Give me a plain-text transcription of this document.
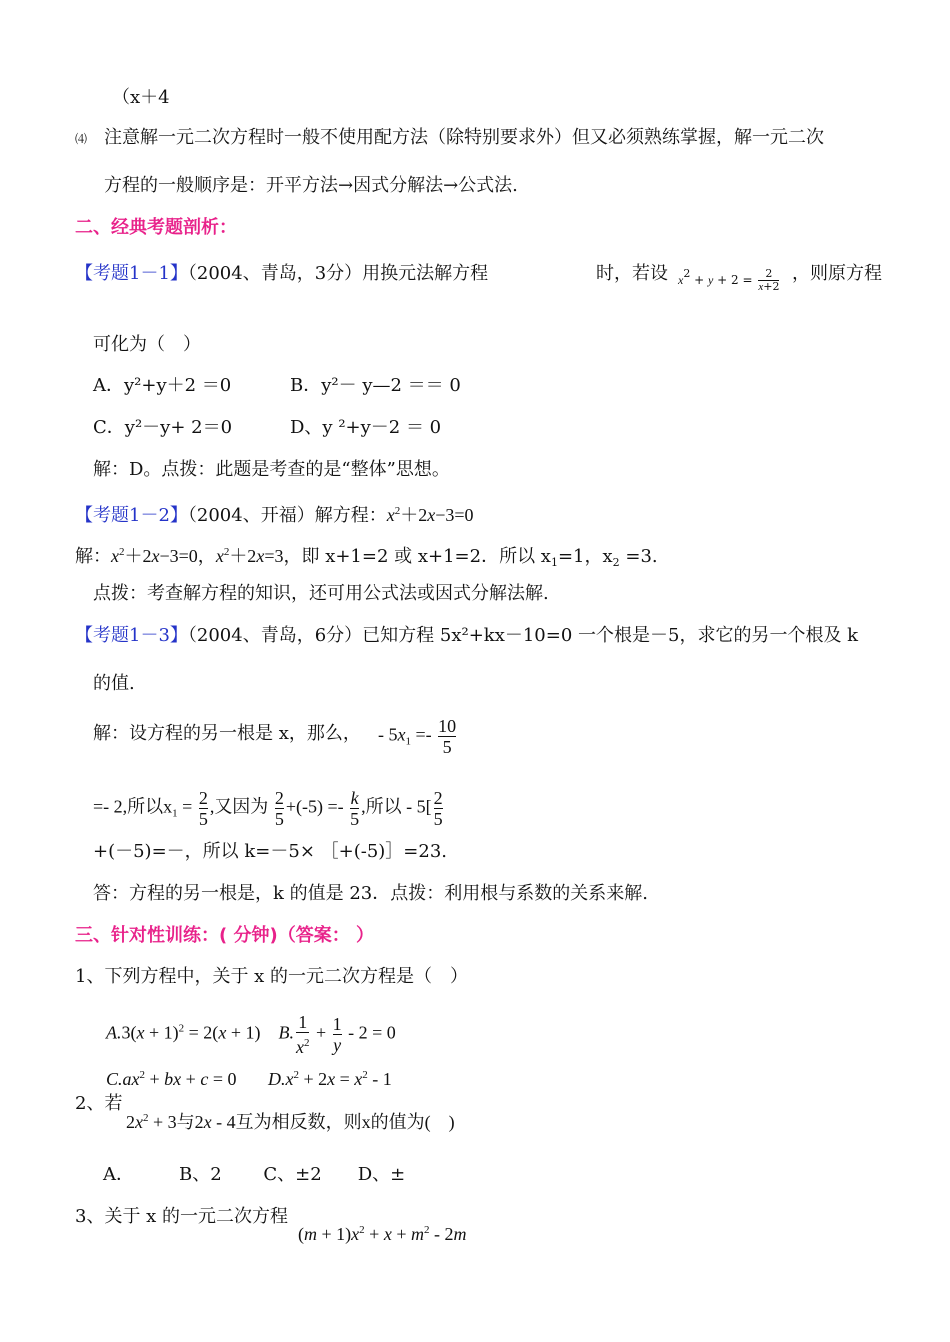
（x＋4
⑷ 注意解一元二次方程时一般不使用配方法（除特别要求外）但又必须熟练掌握，解一元二次
方程的一般顺序是：开平方法→因式分解法→公式法.
二、经典考题剖析：
【考题1－1】（2004、青岛，3分）用换元法解方程	时，若设 $x^2 + y + 2 = \frac{2}{x+2}$ ，则原方程
可化为（　）
A．y²+y＋2 ＝0	B．y²－ y—2 ＝＝ 0
C．y²－y+ 2＝0	D、y ²+y－2 ＝ 0
解：D。点拨：此题是考查的是“整体”思想。
【考题1－2】（2004、开福）解方程：$x^2+2x-3=0$
解：$x^2+2x-3=0$，$x^2+2x=3$，即 x+1=2 或 x+1=2．所以 $x_1=1$，$x_2 =3$.
点拨：考查解方程的知识，还可用公式法或因式分解法解.
【考题1－3】（2004、青岛，6分）已知方程 5x²+kx－10=0 一个根是－5，求它的另一个根及 k
的值.
解：设方程的另一根是 x，那么， - $5x_1 =- \frac{10}{5}$
=- 2,所以$x_1 = \frac{2}{5}$ ,又因为 $\frac{2}{5} +(-5) =- \frac{k}{5}$ ,所以 - $5[ \frac{2}{5}$
+(－5)=－，所以 k=－5× ［+(-5)］=23.
答：方程的另一根是，k 的值是 23．点拨：利用根与系数的关系来解.
三、针对性训练：( 分钟)（答案： ）
1、下列方程中，关于 x 的一元二次方程是（　）
$A.3(x + 1)^2 = 2(x + 1)$    B. $\frac{1}{x^2} + \frac{1}{y} - 2 = 0$
$C.ax^2$ + bx + c = 0       $D.x^2 + 2x = x^2 - 1$
2、若
$2x^2 + 3$与2x - 4互为相反数，则x的值为(　)
A．　　　B、2　　 C、±2　　D、±
3、关于 x 的一元二次方程
$(m + 1)x^2 + x + m^2 - 2m$
